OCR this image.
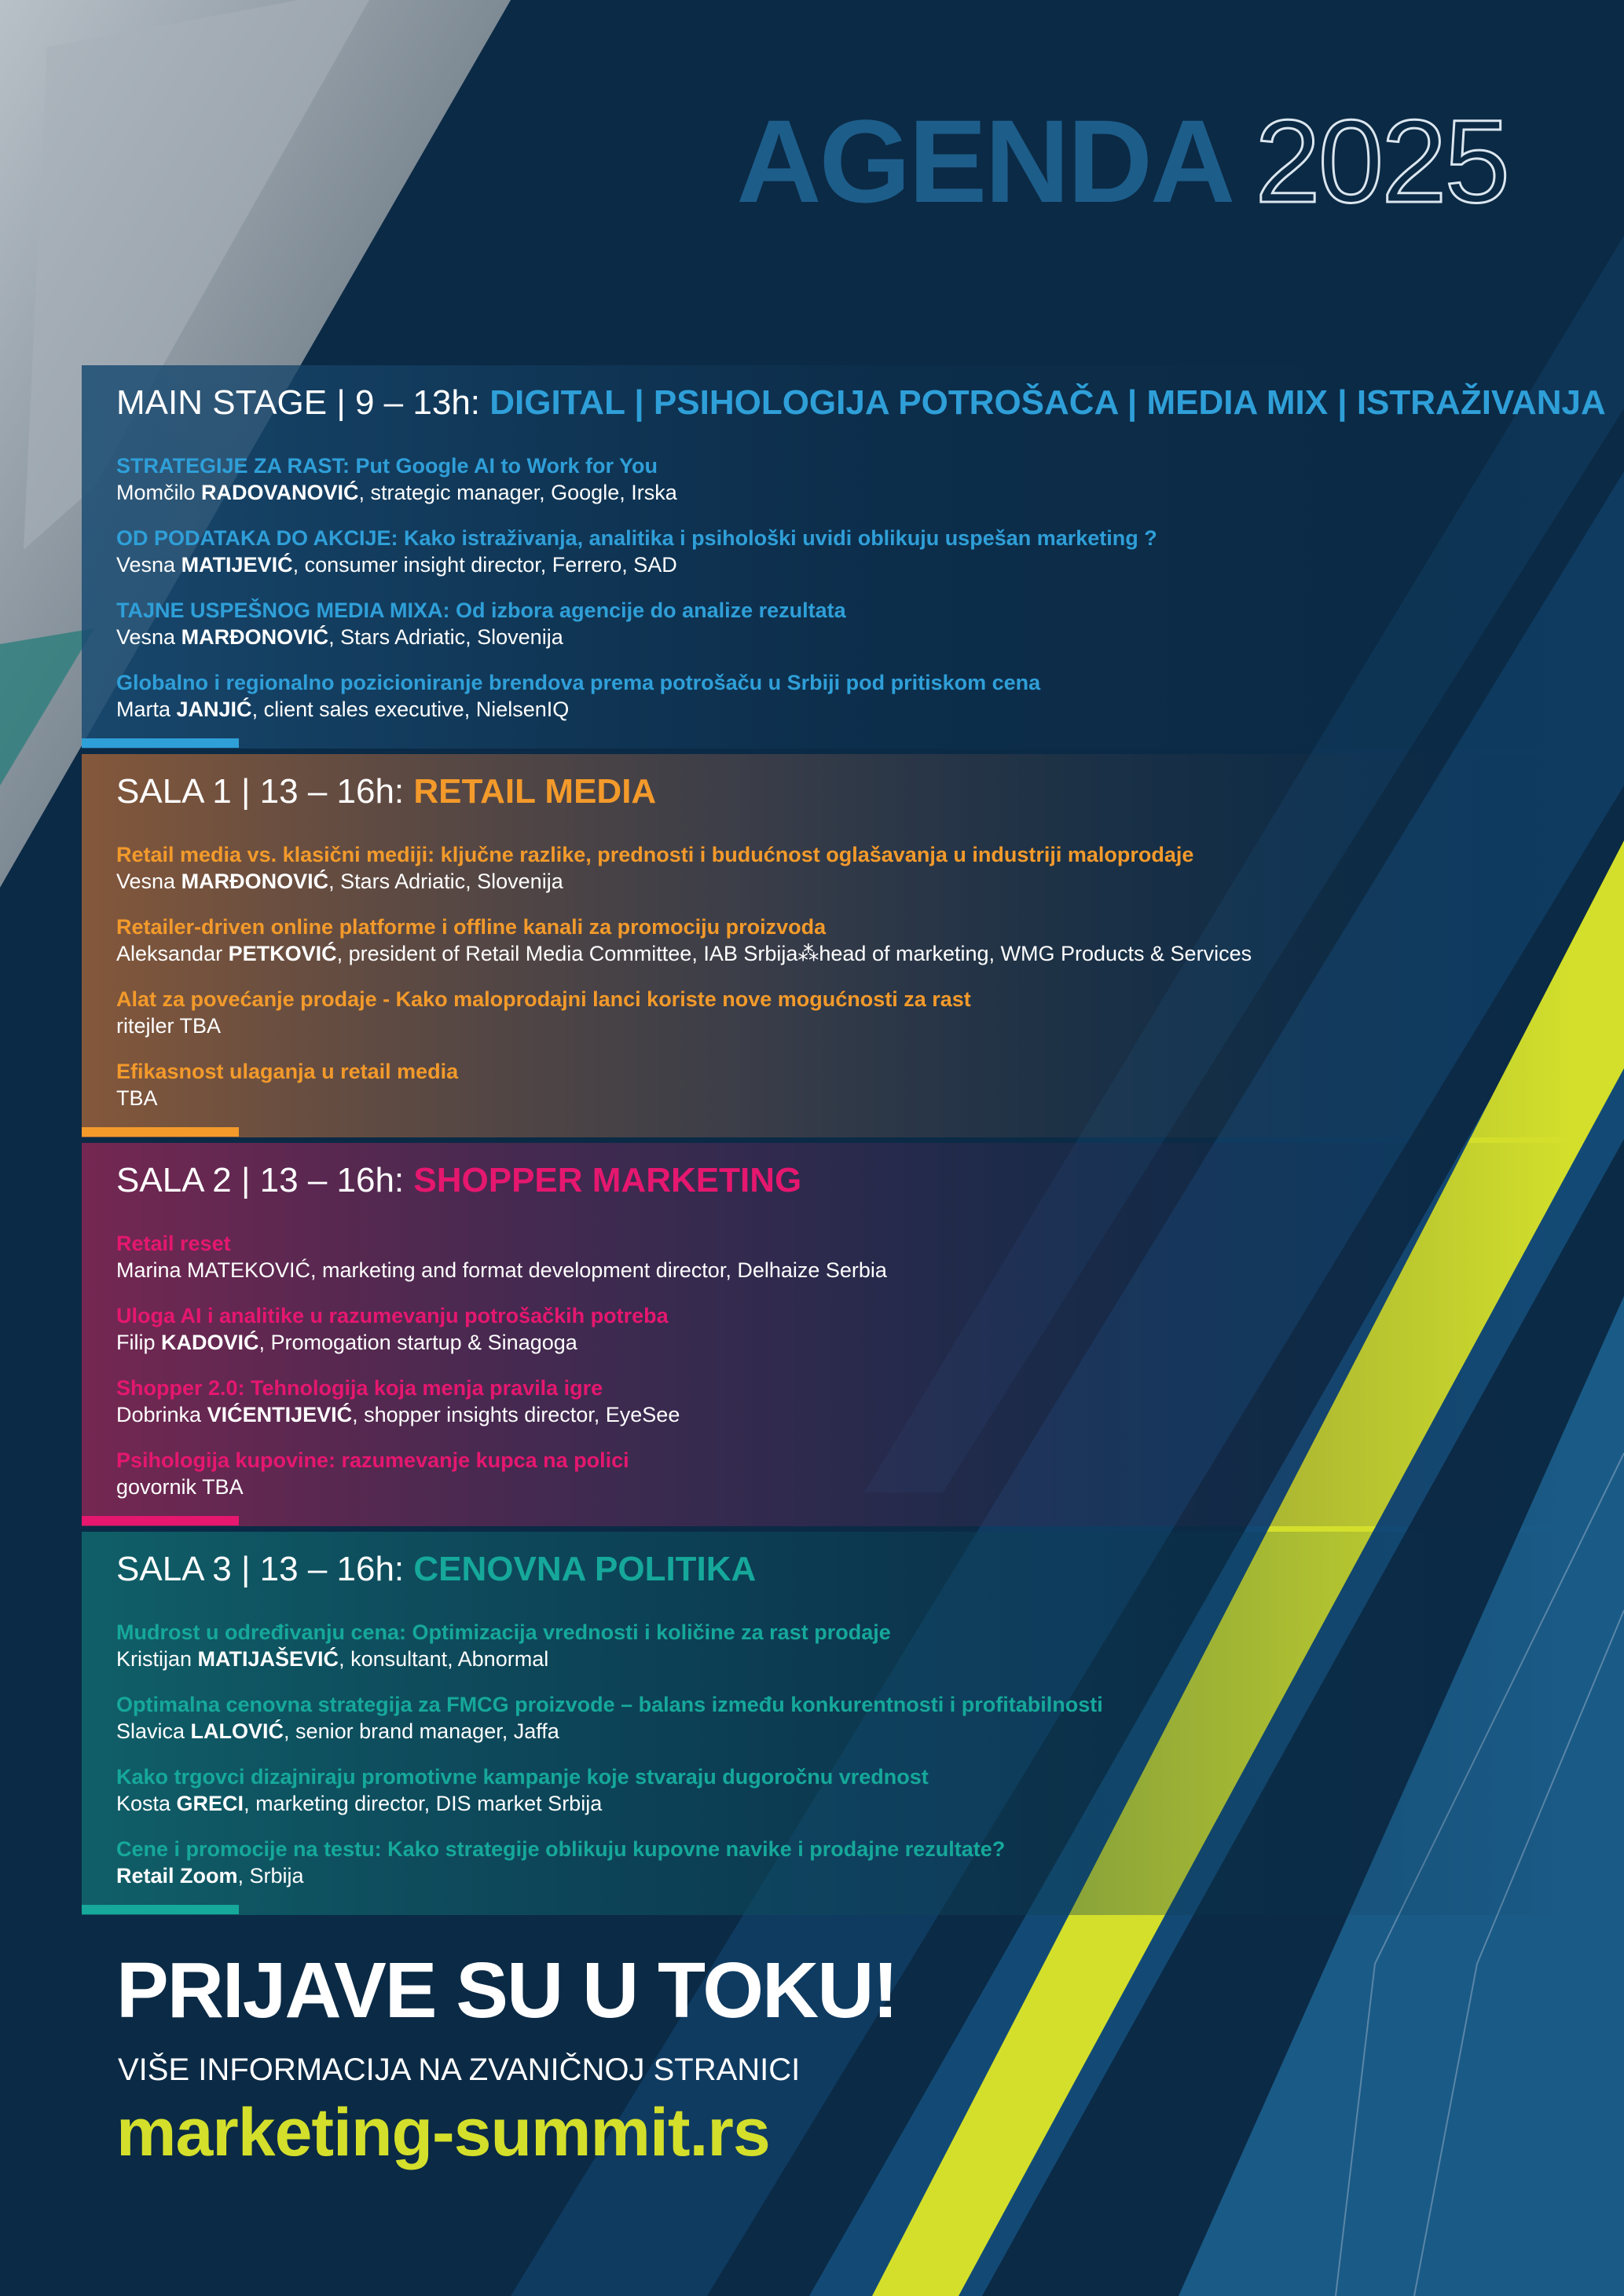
AGENDA 2025
MAIN STAGE | 9 – 13h: DIGITAL | PSIHOLOGIJA POTROŠAČA | MEDIA MIX | ISTRAŽIVANJA
STRATEGIJE ZA RAST: Put Google AI to Work for You
Momčilo RADOVANOVIĆ, strategic manager, Google, Irska
OD PODATAKA DO AKCIJE: Kako istraživanja, analitika i psihološki uvidi oblikuju uspešan marketing ?
Vesna MATIJEVIĆ, consumer insight director, Ferrero, SAD
TAJNE USPEŠNOG MEDIA MIXA: Od izbora agencije do analize rezultata
Vesna MARĐONOVIĆ, Stars Adriatic, Slovenija
Globalno i regionalno pozicioniranje brendova prema potrošaču u Srbiji pod pritiskom cena
Marta JANJIĆ, client sales executive, NielsenIQ
SALA 1 | 13 – 16h: RETAIL MEDIA
Retail media vs. klasični mediji: ključne razlike, prednosti i budućnost oglašavanja u industriji maloprodaje
Vesna MARĐONOVIĆ, Stars Adriatic, Slovenija
Retailer-driven online platforme i offline kanali za promociju proizvoda
Aleksandar PETKOVIĆ, president of Retail Media Committee, IAB Srbija⁂head of marketing, WMG Products & Services
Alat za povećanje prodaje - Kako maloprodajni lanci koriste nove mogućnosti za rast
ritejler TBA
Efikasnost ulaganja u retail media
TBA
SALA 2 | 13 – 16h: SHOPPER MARKETING
Retail reset
Marina MATEKOVIĆ, marketing and format development director, Delhaize Serbia
Uloga AI i analitike u razumevanju potrošačkih potreba
Filip KADOVIĆ, Promogation startup & Sinagoga
Shopper 2.0: Tehnologija koja menja pravila igre
Dobrinka VIĆENTIJEVIĆ, shopper insights director, EyeSee
Psihologija kupovine: razumevanje kupca na polici
govornik TBA
SALA 3 | 13 – 16h: CENOVNA POLITIKA
Mudrost u određivanju cena: Optimizacija vrednosti i količine za rast prodaje
Kristijan MATIJAŠEVIĆ, konsultant, Abnormal
Optimalna cenovna strategija za FMCG proizvode – balans između konkurentnosti i profitabilnosti
Slavica LALOVIĆ, senior brand manager, Jaffa
Kako trgovci dizajniraju promotivne kampanje koje stvaraju dugoročnu vrednost
Kosta GRECI, marketing director, DIS market Srbija
Cene i promocije na testu: Kako strategije oblikuju kupovne navike i prodajne rezultate?
Retail Zoom, Srbija
PRIJAVE SU U TOKU!
VIŠE INFORMACIJA NA ZVANIČNOJ STRANICI
marketing-summit.rs
